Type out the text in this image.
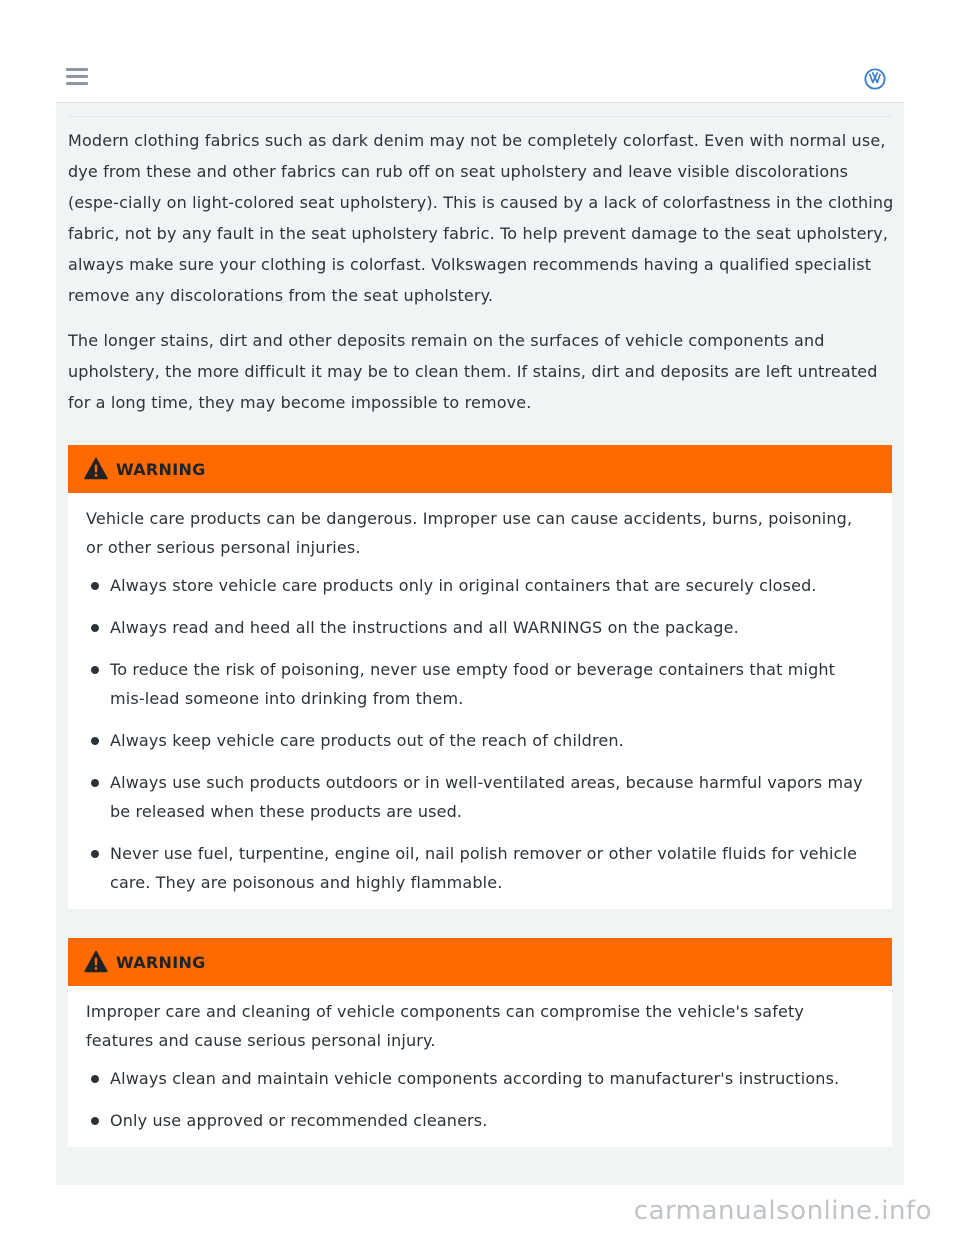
Modern clothing fabrics such as dark denim may not be completely colorfast. Even with normal use, dye from these and other fabrics can rub off on seat upholstery and leave visible discolorations (espe-cially on light-colored seat upholstery). This is caused by a lack of colorfastness in the clothing fabric, not by any fault in the seat upholstery fabric. To help prevent damage to the seat upholstery, always make sure your clothing is colorfast. Volkswagen recommends having a qualified specialist remove any discolorations from the seat upholstery.

The longer stains, dirt and other deposits remain on the surfaces of vehicle components and upholstery, the more difficult it may be to clean them. If stains, dirt and deposits are left untreated for a long time, they may become impossible to remove.

WARNING

Vehicle care products can be dangerous. Improper use can cause accidents, burns, poisoning, or other serious personal injuries.

Always store vehicle care products only in original containers that are securely closed.
Always read and heed all the instructions and all WARNINGS on the package.
To reduce the risk of poisoning, never use empty food or beverage containers that might mis-lead someone into drinking from them.
Always keep vehicle care products out of the reach of children.
Always use such products outdoors or in well-ventilated areas, because harmful vapors may be released when these products are used.
Never use fuel, turpentine, engine oil, nail polish remover or other volatile fluids for vehicle care. They are poisonous and highly flammable.
WARNING

Improper care and cleaning of vehicle components can compromise the vehicle's safety features and cause serious personal injury.

Always clean and maintain vehicle components according to manufacturer's instructions.
Only use approved or recommended cleaners.
carmanualsonline.info
